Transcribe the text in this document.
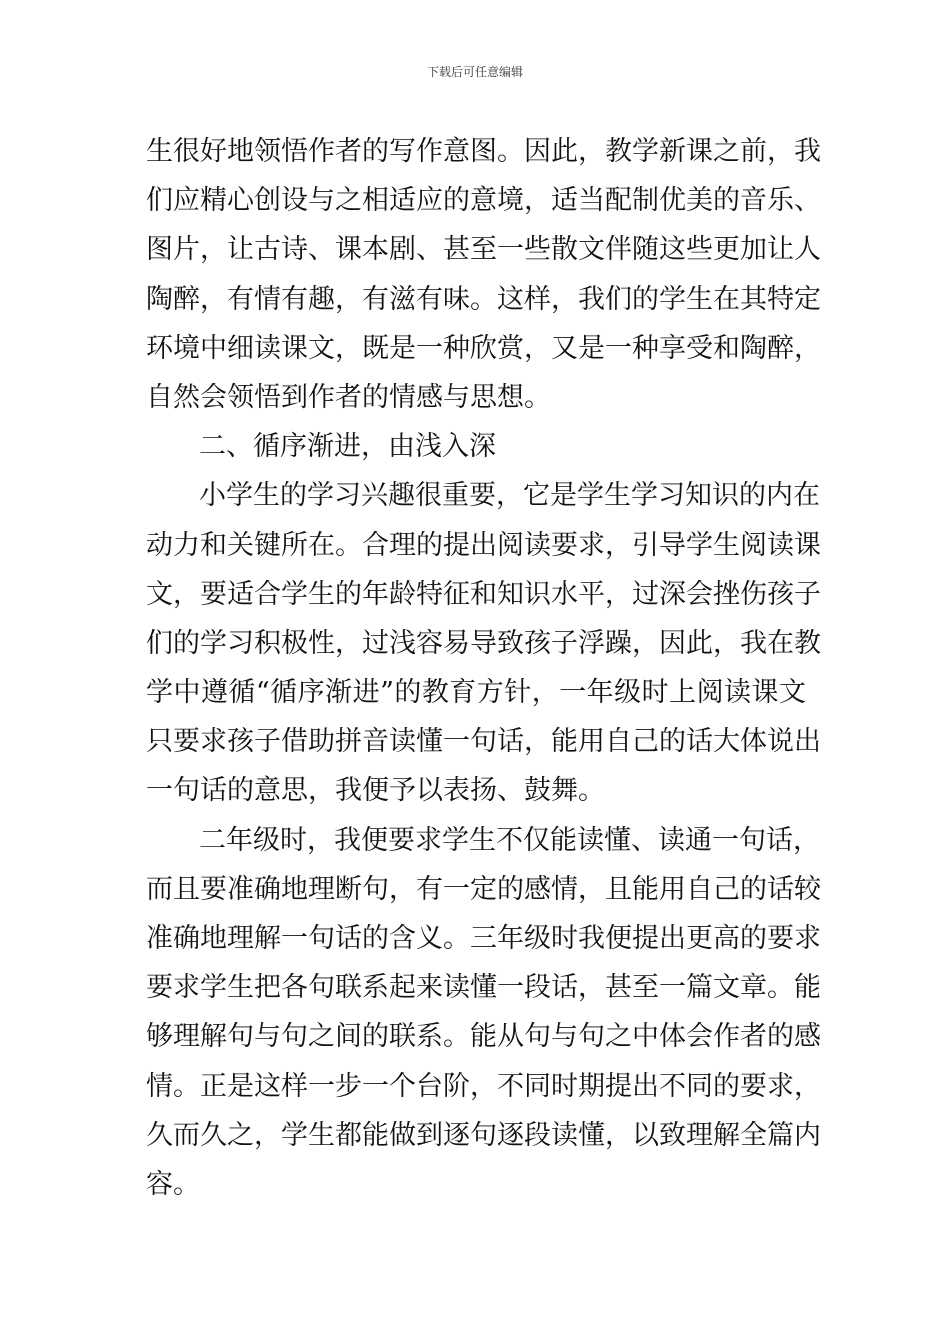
下载后可任意编辑
生很好地领悟作者的写作意图。因此，教学新课之前，我
们应精心创设与之相适应的意境，适当配制优美的音乐、
图片，让古诗、课本剧、甚至一些散文伴随这些更加让人
陶醉，有情有趣，有滋有味。这样，我们的学生在其特定
环境中细读课文，既是一种欣赏，又是一种享受和陶醉，
自然会领悟到作者的情感与思想。
二、循序渐进，由浅入深
小学生的学习兴趣很重要，它是学生学习知识的内在
动力和关键所在。合理的提出阅读要求，引导学生阅读课
文，要适合学生的年龄特征和知识水平，过深会挫伤孩子
们的学习积极性，过浅容易导致孩子浮躁，因此，我在教
学中遵循“循序渐进”的教育方针，一年级时上阅读课文
只要求孩子借助拼音读懂一句话，能用自己的话大体说出
一句话的意思，我便予以表扬、鼓舞。
二年级时，我便要求学生不仅能读懂、读通一句话，
而且要准确地理断句，有一定的感情，且能用自己的话较
准确地理解一句话的含义。三年级时我便提出更高的要求
要求学生把各句联系起来读懂一段话，甚至一篇文章。能
够理解句与句之间的联系。能从句与句之中体会作者的感
情。正是这样一步一个台阶，不同时期提出不同的要求，
久而久之，学生都能做到逐句逐段读懂，以致理解全篇内
容。
